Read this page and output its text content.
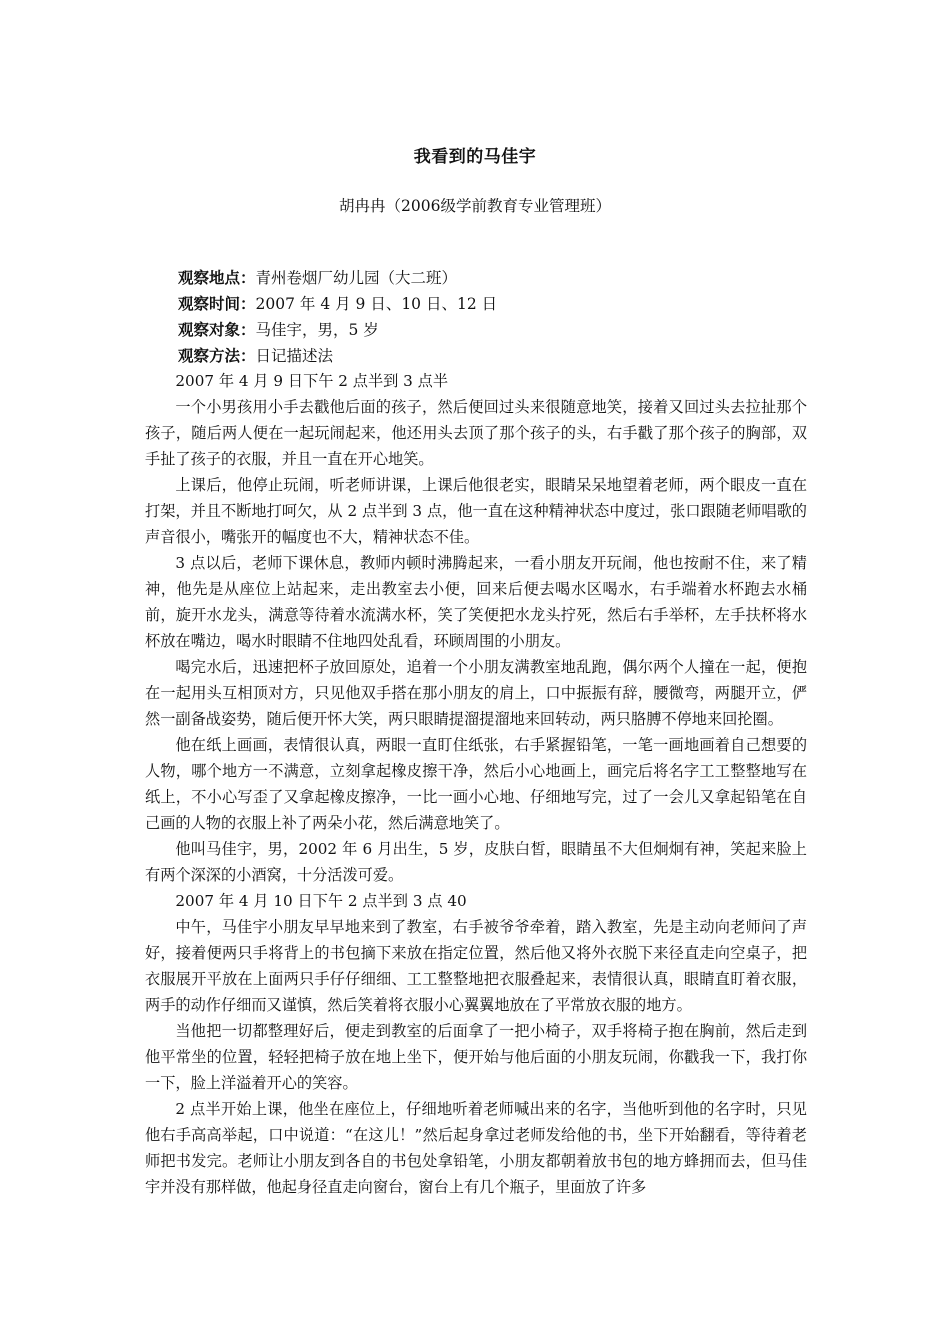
我看到的马佳宇
胡冉冉（2006级学前教育专业管理班）
观察地点：青州卷烟厂幼儿园（大二班）
观察时间：2007 年 4 月 9 日、10 日、12 日
观察对象：马佳宇，男，5 岁
观察方法：日记描述法

2007 年 4 月 9 日下午 2 点半到 3 点半

一个小男孩用小手去戳他后面的孩子，然后便回过头来很随意地笑，接着又回过头去拉扯那个孩子，随后两人便在一起玩闹起来，他还用头去顶了那个孩子的头，右手戳了那个孩子的胸部，双手扯了孩子的衣服，并且一直在开心地笑。

上课后，他停止玩闹，听老师讲课，上课后他很老实，眼睛呆呆地望着老师，两个眼皮一直在打架，并且不断地打呵欠，从 2 点半到 3 点，他一直在这种精神状态中度过，张口跟随老师唱歌的声音很小，嘴张开的幅度也不大，精神状态不佳。

3 点以后，老师下课休息，教师内顿时沸腾起来，一看小朋友开玩闹，他也按耐不住，来了精神，他先是从座位上站起来，走出教室去小便，回来后便去喝水区喝水，右手端着水杯跑去水桶前，旋开水龙头，满意等待着水流满水杯，笑了笑便把水龙头拧死，然后右手举杯，左手扶杯将水杯放在嘴边，喝水时眼睛不住地四处乱看，环顾周围的小朋友。

喝完水后，迅速把杯子放回原处，追着一个小朋友满教室地乱跑，偶尔两个人撞在一起，便抱在一起用头互相顶对方，只见他双手搭在那小朋友的肩上，口中振振有辞，腰微弯，两腿开立，俨然一副备战姿势，随后便开怀大笑，两只眼睛提溜提溜地来回转动，两只胳膊不停地来回抡圈。

他在纸上画画，表情很认真，两眼一直盯住纸张，右手紧握铅笔，一笔一画地画着自己想要的人物，哪个地方一不满意，立刻拿起橡皮擦干净，然后小心地画上，画完后将名字工工整整地写在纸上，不小心写歪了又拿起橡皮擦净，一比一画小心地、仔细地写完，过了一会儿又拿起铅笔在自己画的人物的衣服上补了两朵小花，然后满意地笑了。

他叫马佳宇，男，2002 年 6 月出生，5 岁，皮肤白皙，眼睛虽不大但炯炯有神，笑起来脸上有两个深深的小酒窝，十分活泼可爱。

2007 年 4 月 10 日下午 2 点半到 3 点 40

中午，马佳宇小朋友早早地来到了教室，右手被爷爷牵着，踏入教室，先是主动向老师问了声好，接着便两只手将背上的书包摘下来放在指定位置，然后他又将外衣脱下来径直走向空桌子，把衣服展开平放在上面两只手仔仔细细、工工整整地把衣服叠起来，表情很认真，眼睛直盯着衣服，两手的动作仔细而又谨慎，然后笑着将衣服小心翼翼地放在了平常放衣服的地方。

当他把一切都整理好后，便走到教室的后面拿了一把小椅子，双手将椅子抱在胸前，然后走到他平常坐的位置，轻轻把椅子放在地上坐下，便开始与他后面的小朋友玩闹，你戳我一下，我打你一下，脸上洋溢着开心的笑容。

2 点半开始上课，他坐在座位上，仔细地听着老师喊出来的名字，当他听到他的名字时，只见他右手高高举起，口中说道：“在这儿！”然后起身拿过老师发给他的书，坐下开始翻看，等待着老师把书发完。老师让小朋友到各自的书包处拿铅笔，小朋友都朝着放书包的地方蜂拥而去，但马佳宇并没有那样做，他起身径直走向窗台，窗台上有几个瓶子，里面放了许多
